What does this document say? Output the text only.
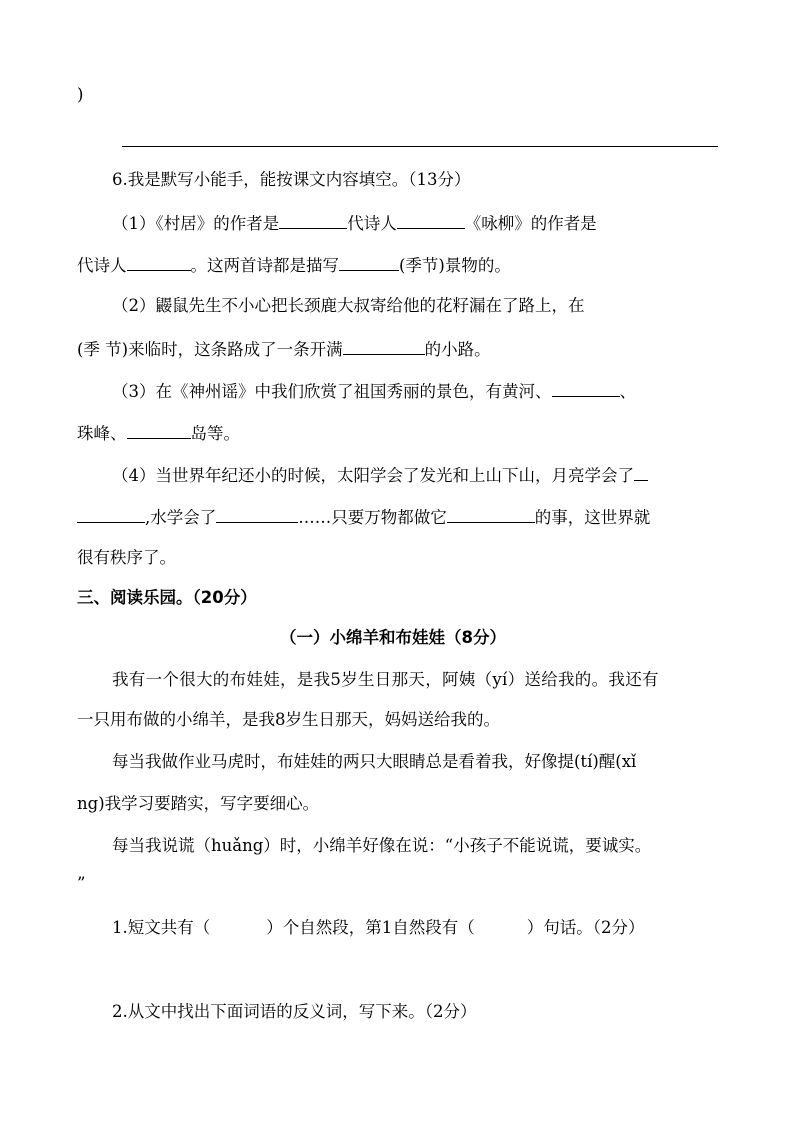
)
6.我是默写小能手，能按课文内容填空。（13分）
（1）《村居》的作者是	代诗人	《咏柳》的作者是
代诗人	。这两首诗都是描写	(季节)景物的。
（2）鼹鼠先生不小心把长颈鹿大叔寄给他的花籽漏在了路上，在
(季 节)来临时，这条路成了一条开满	的小路。
（3）在《神州谣》中我们欣赏了祖国秀丽的景色，有黄河、	、
珠峰、	岛等。
（4）当世界年纪还小的时候，太阳学会了发光和上山下山，月亮学会了
,水学会了	……只要万物都做它	的事，这世界就
很有秩序了。
三、阅读乐园。（20分）
（一）小绵羊和布娃娃（8分）
我有一个很大的布娃娃，是我5岁生日那天，阿姨（yí）送给我的。我还有
一只用布做的小绵羊，是我8岁生日那天，妈妈送给我的。
每当我做作业马虎时，布娃娃的两只大眼睛总是看着我，好像提(tí)醒(xǐ
ng)我学习要踏实，写字要细心。
每当我说谎（huǎng）时，小绵羊好像在说：“小孩子不能说谎，要诚实。
”
1.短文共有（	）个自然段，第1自然段有（	）句话。（2分）
2.从文中找出下面词语的反义词，写下来。（2分）
